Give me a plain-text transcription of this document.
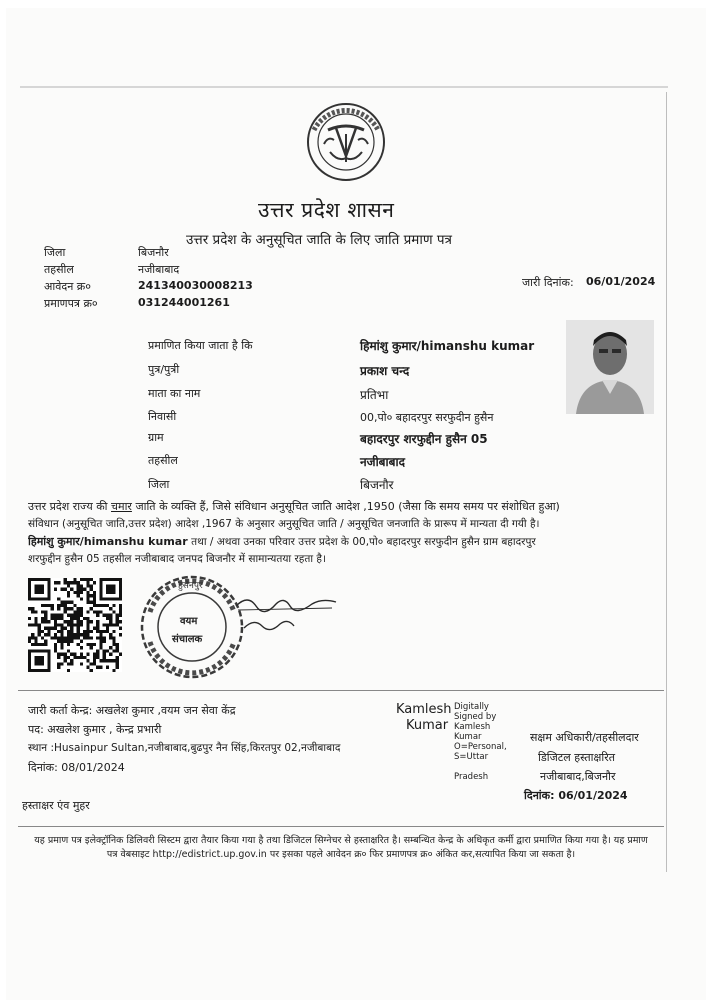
उत्तर प्रदेश शासन
उत्तर प्रदेश के अनुसूचित जाति के लिए जाति प्रमाण पत्र
जिला	बिजनौर
तहसील	नजीबाबाद
आवेदन क्र०	241340030008213
प्रमाणपत्र क्र०	031244001261
जारी दिनांक: 06/01/2024
प्रमाणित किया जाता है कि	हिमांशु कुमार/himanshu kumar
पुत्र/पुत्री	प्रकाश चन्द
माता का नाम	प्रतिभा
निवासी	00,पो० बहादरपुर सरफुदीन हुसैन
ग्राम	बहादरपुर शरफुद्दीन हुसैन 05
तहसील	नजीबाबाद
जिला	बिजनौर
उत्तर प्रदेश राज्य की चमार जाति के व्यक्ति हैं, जिसे संविधान अनुसूचित जाति आदेश ,1950 (जैसा कि समय समय पर संशोधित हुआ)
संविधान (अनुसूचित जाति,उत्तर प्रदेश) आदेश ,1967 के अनुसार अनुसूचित जाति / अनुसूचित जनजाति के प्रारूप में मान्यता दी गयी है।
हिमांशु कुमार/himanshu kumar तथा / अथवा उनका परिवार उत्तर प्रदेश के 00,पो० बहादरपुर सरफुदीन हुसैन ग्राम बहादरपुर
शरफुद्दीन हुसैन 05 तहसील नजीबाबाद जनपद बिजनौर में सामान्यतया रहता है।
हुसैनपुर
वयम
संचालक
जारी कर्ता केन्द्र: अखलेश कुमार ,वयम जन सेवा केंद्र
पद: अखलेश कुमार , केन्द्र प्रभारी
स्थान :Husainpur Sultan,नजीबाबाद,बुढपुर नैन सिंह,किरतपुर 02,नजीबाबाद
दिनांक: 08/01/2024
हस्ताक्षर एंव मुहर
Kamlesh
Kumar
Digitally
Signed by
Kamlesh
Kumar
O=Personal,
S=Uttar
Pradesh
सक्षम अधिकारी/तहसीलदार
डिजिटल हस्ताक्षरित
नजीबाबाद,बिजनौर
दिनांक: 06/01/2024
यह प्रमाण पत्र इलेक्ट्रॉनिक डिलिवरी सिस्टम द्वारा तैयार किया गया है तथा डिजिटल सिग्नेचर से हस्ताक्षरित है। सम्बन्धित केन्द्र के अधिकृत कर्मी द्वारा प्रमाणित किया गया है। यह प्रमाण पत्र वेबसाइट http://edistrict.up.gov.in पर इसका पहले आवेदन क्र० फिर प्रमाणपत्र क्र० अंकित कर,सत्यापित किया जा सकता है।
